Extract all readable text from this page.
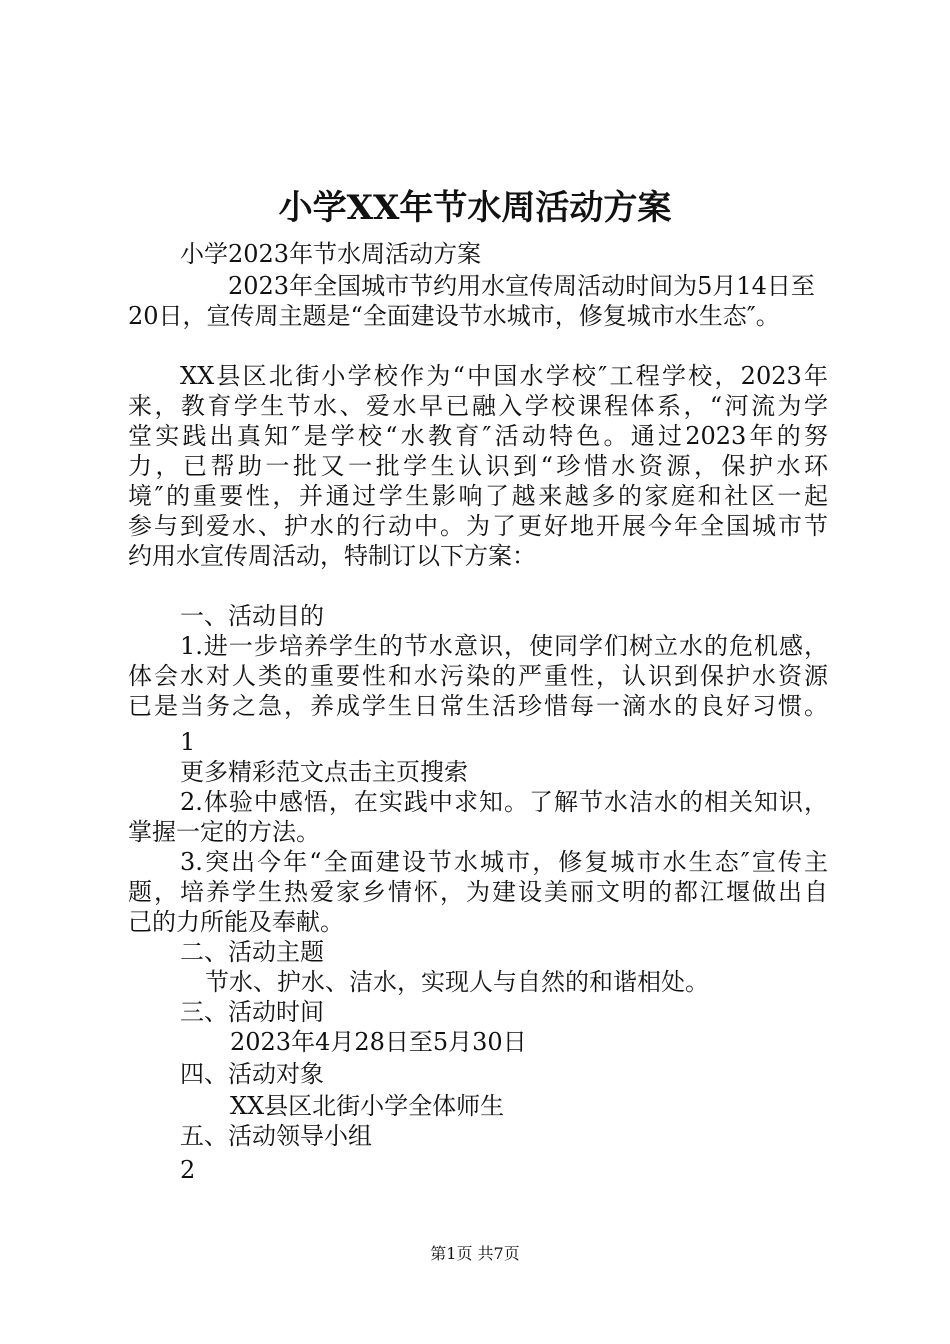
小学XX年节水周活动方案
小学2023年节水周活动方案
2023年全国城市节约用水宣传周活动时间为5月14日至
20日，宣传周主题是“全面建设节水城市，修复城市水生态″。
XX县区北街小学校作为“中国水学校″工程学校，2023年
来，教育学生节水、爱水早已融入学校课程体系，“河流为学
堂实践出真知″是学校“水教育″活动特色。通过2023年的努
力，已帮助一批又一批学生认识到“珍惜水资源，保护水环
境″的重要性，并通过学生影响了越来越多的家庭和社区一起
参与到爱水、护水的行动中。为了更好地开展今年全国城市节
约用水宣传周活动，特制订以下方案：
一、活动目的
1.进一步培养学生的节水意识，使同学们树立水的危机感，
体会水对人类的重要性和水污染的严重性，认识到保护水资源
已是当务之急，养成学生日常生活珍惜每一滴水的良好习惯。
1
更多精彩范文点击主页搜索
2.体验中感悟，在实践中求知。了解节水洁水的相关知识，
掌握一定的方法。
3.突出今年“全面建设节水城市，修复城市水生态″宣传主
题，培养学生热爱家乡情怀，为建设美丽文明的都江堰做出自
己的力所能及奉献。
二、活动主题
节水、护水、洁水，实现人与自然的和谐相处。
三、活动时间
2023年4月28日至5月30日
四、活动对象
XX县区北街小学全体师生
五、活动领导小组
2
第1页 共7页
